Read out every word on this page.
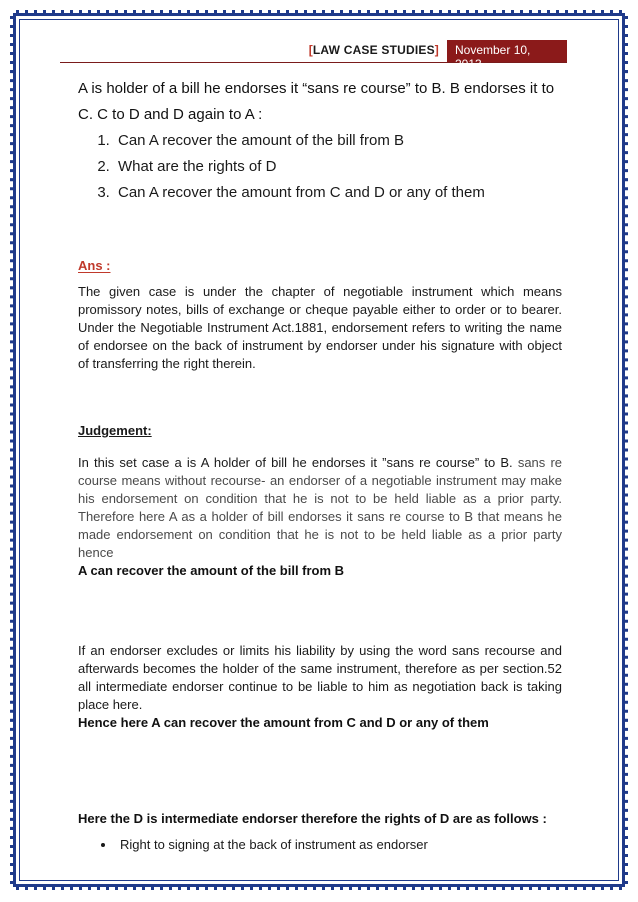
[LAW CASE STUDIES]	November 10, 2013

A is holder of a bill he endorses it “sans re course” to B. B endorses it to C. C to D and D again to A :

1. Can A recover the amount of the bill from B
2. What are the rights of D
3. Can A recover the amount from C and D or any of them
Ans :

The given case is under the chapter of negotiable instrument which means promissory notes, bills of exchange or cheque payable either to order or to bearer. Under the Negotiable Instrument Act.1881, endorsement refers to writing the name of endorsee on the back of instrument by endorser under his signature with object of transferring the right therein.

Judgement:

In this set case a is A holder of bill he endorses it ”sans re course” to B. sans re course means without recourse- an endorser of a negotiable instrument may make his endorsement on condition that he is not to be held liable as a prior party. Therefore here A as a holder of bill endorses it sans re course to B that means he made endorsement on condition that he is not to be held liable as a prior party hence

A can recover the amount of the bill from B

If an endorser excludes or limits his liability by using the word sans recourse and afterwards becomes the holder of the same instrument, therefore as per section.52 all intermediate endorser continue to be liable to him as negotiation back is taking place here.

Hence here A can recover the amount from C and D or any of them
Here the D is intermediate endorser therefore the rights of D are as follows :
• Right to signing at the back of instrument as endorser
